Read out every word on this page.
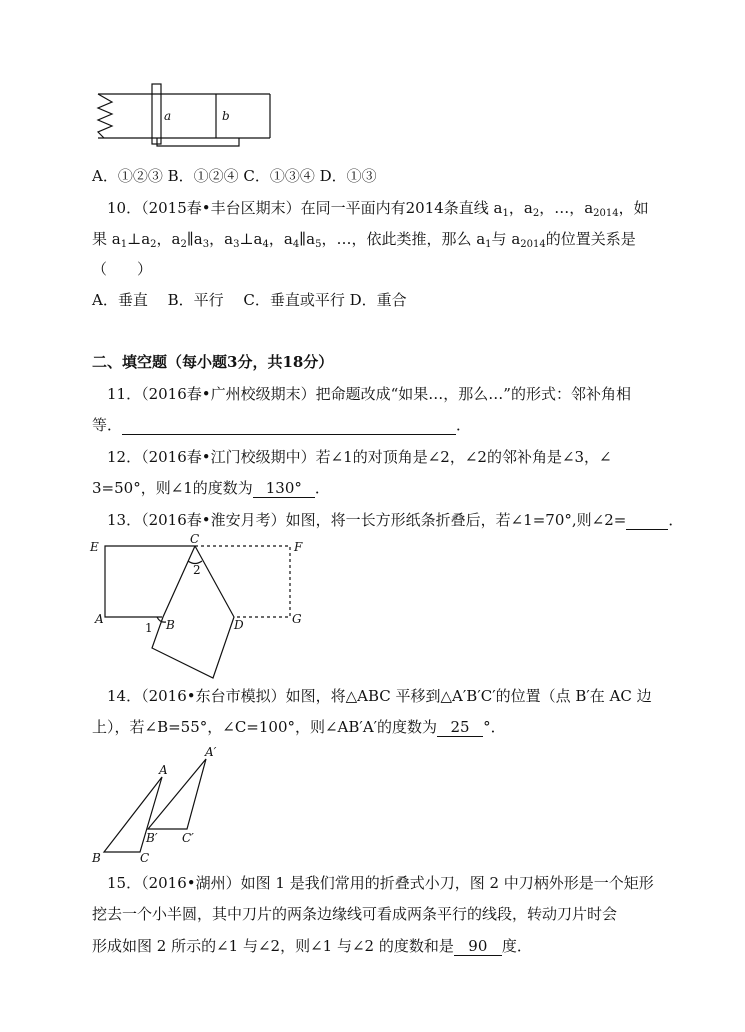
a	b
A．①②③ B．①②④ C．①③④ D．①③
10．（2015春•丰台区期末）在同一平面内有2014条直线 $a_1$，$a_2$，…，$a_{2014}$，如
果 $a_1\perp a_2$，$a_2\parallel a_3$，$a_3\perp a_4$，$a_4\parallel a_5$，…，依此类推，那么 $a_1$与 $a_{2014}$的位置关系是
（　　）
A．垂直　 B．平行　 C．垂直或平行 D．重合
二、填空题（每小题3分，共18分）
11．（2016春•广州校级期末）把命题改成“如果…，那么…”的形式：邻补角相
等．	．
12．（2016春•江门校级期中）若∠1的对顶角是∠2，∠2的邻补角是∠3，∠
3=50°，则∠1的度数为 130° ．
13．（2016春•淮安月考）如图，将一长方形纸条折叠后，若∠1=70°,则∠2=	．
E
C
F
2
A
1 B	D	G
14．（2016•东台市模拟）如图，将△ABC 平移到△A′B′C′的位置（点 B′在 AC 边
上），若∠B=55°，∠C=100°，则∠AB′A′的度数为 25 °．
A′
A
B′ C′
B	C
15．（2016•湖州）如图 1 是我们常用的折叠式小刀，图 2 中刀柄外形是一个矩形
挖去一个小半圆，其中刀片的两条边缘线可看成两条平行的线段，转动刀片时会
形成如图 2 所示的∠1 与∠2，则∠1 与∠2 的度数和是 90 度．
